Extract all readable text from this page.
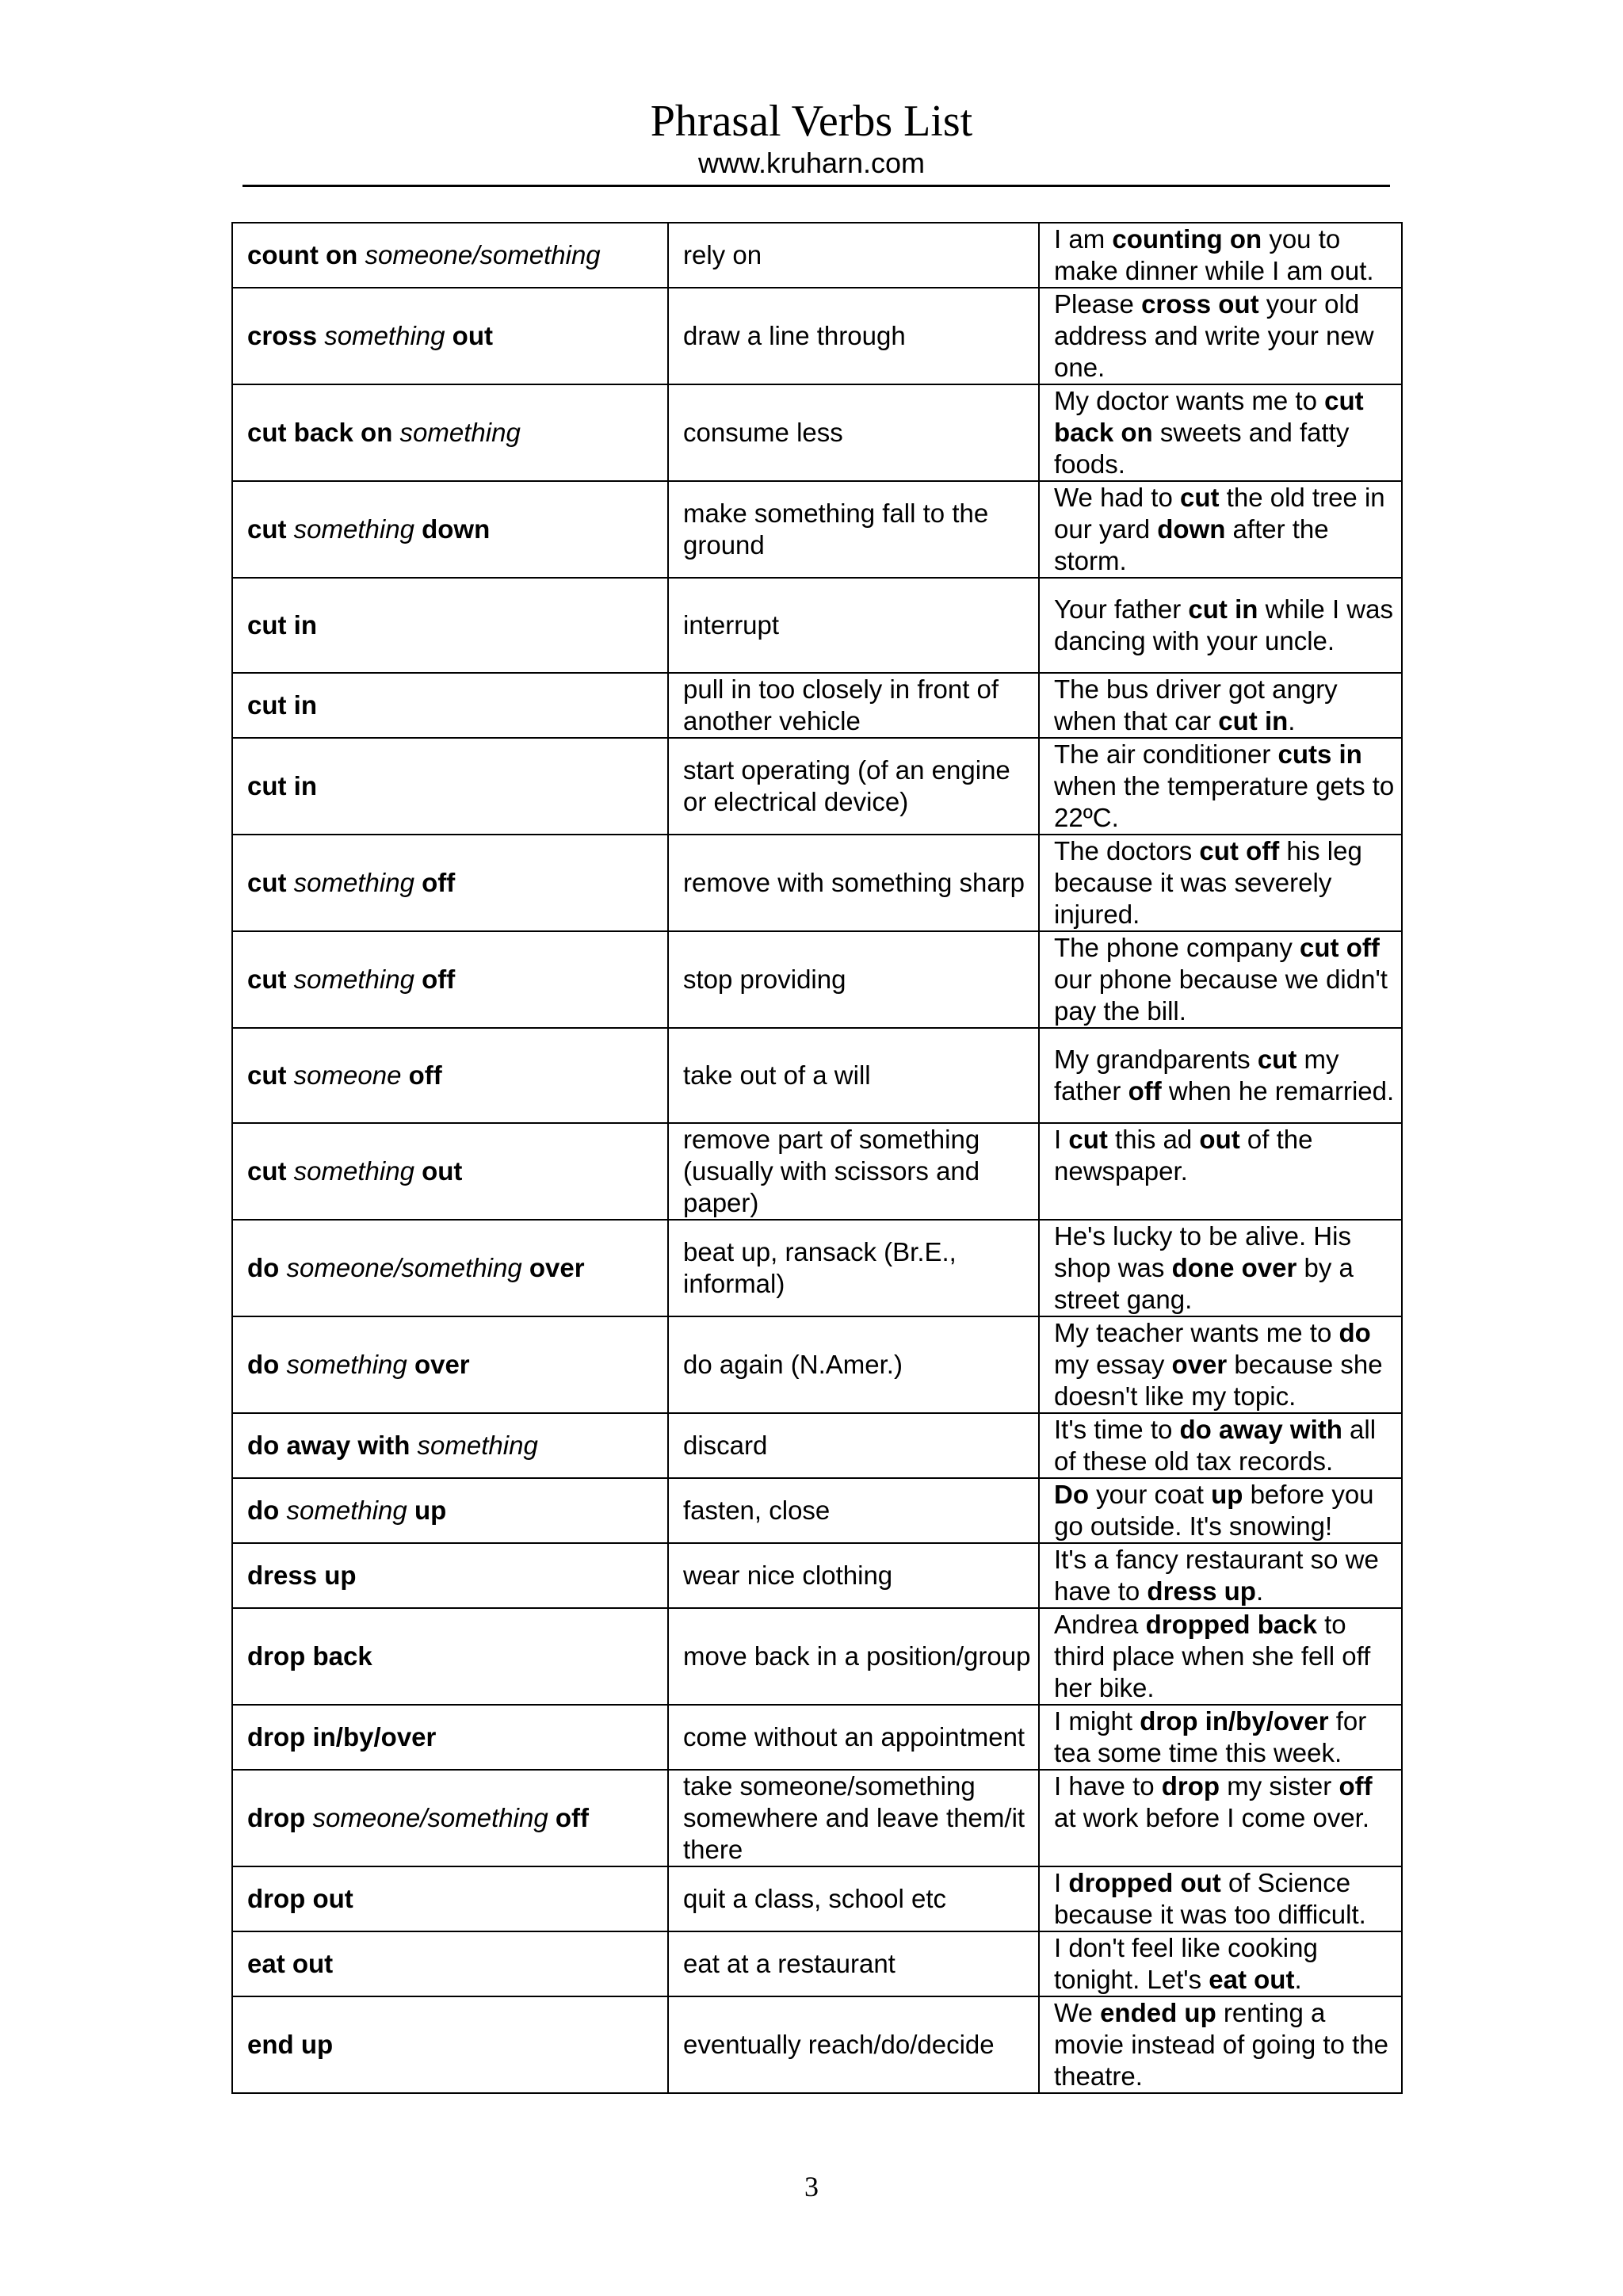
Phrasal Verbs List
www.kruharn.com
count on someone/something	rely on	I am counting on you to make dinner while I am out.
cross something out	draw a line through	Please cross out your old address and write your new one.
cut back on something	consume less	My doctor wants me to cut back on sweets and fatty foods.
cut something down	make something fall to the ground	We had to cut the old tree in our yard down after the storm.
cut in	interrupt	Your father cut in while I was dancing with your uncle.
cut in	pull in too closely in front of another vehicle	The bus driver got angry when that car cut in.
cut in	start operating (of an engine or electrical device)	The air conditioner cuts in when the temperature gets to 22ºC.
cut something off	remove with something sharp	The doctors cut off his leg because it was severely injured.
cut something off	stop providing	The phone company cut off our phone because we didn't pay the bill.
cut someone off	take out of a will	My grandparents cut my father off when he remarried.
cut something out	remove part of something (usually with scissors and paper)	I cut this ad out of the newspaper.
do someone/something over	beat up, ransack (Br.E., informal)	He's lucky to be alive. His shop was done over by a street gang.
do something over	do again (N.Amer.)	My teacher wants me to do my essay over because she doesn't like my topic.
do away with something	discard	It's time to do away with all of these old tax records.
do something up	fasten, close	Do your coat up before you go outside. It's snowing!
dress up	wear nice clothing	It's a fancy restaurant so we have to dress up.
drop back	move back in a position/group	Andrea dropped back to third place when she fell off her bike.
drop in/by/over	come without an appointment	I might drop in/by/over for tea some time this week.
drop someone/something off	take someone/something somewhere and leave them/it there	I have to drop my sister off at work before I come over.
drop out	quit a class, school etc	I dropped out of Science because it was too difficult.
eat out	eat at a restaurant	I don't feel like cooking tonight. Let's eat out.
end up	eventually reach/do/decide	We ended up renting a movie instead of going to the theatre.
3
